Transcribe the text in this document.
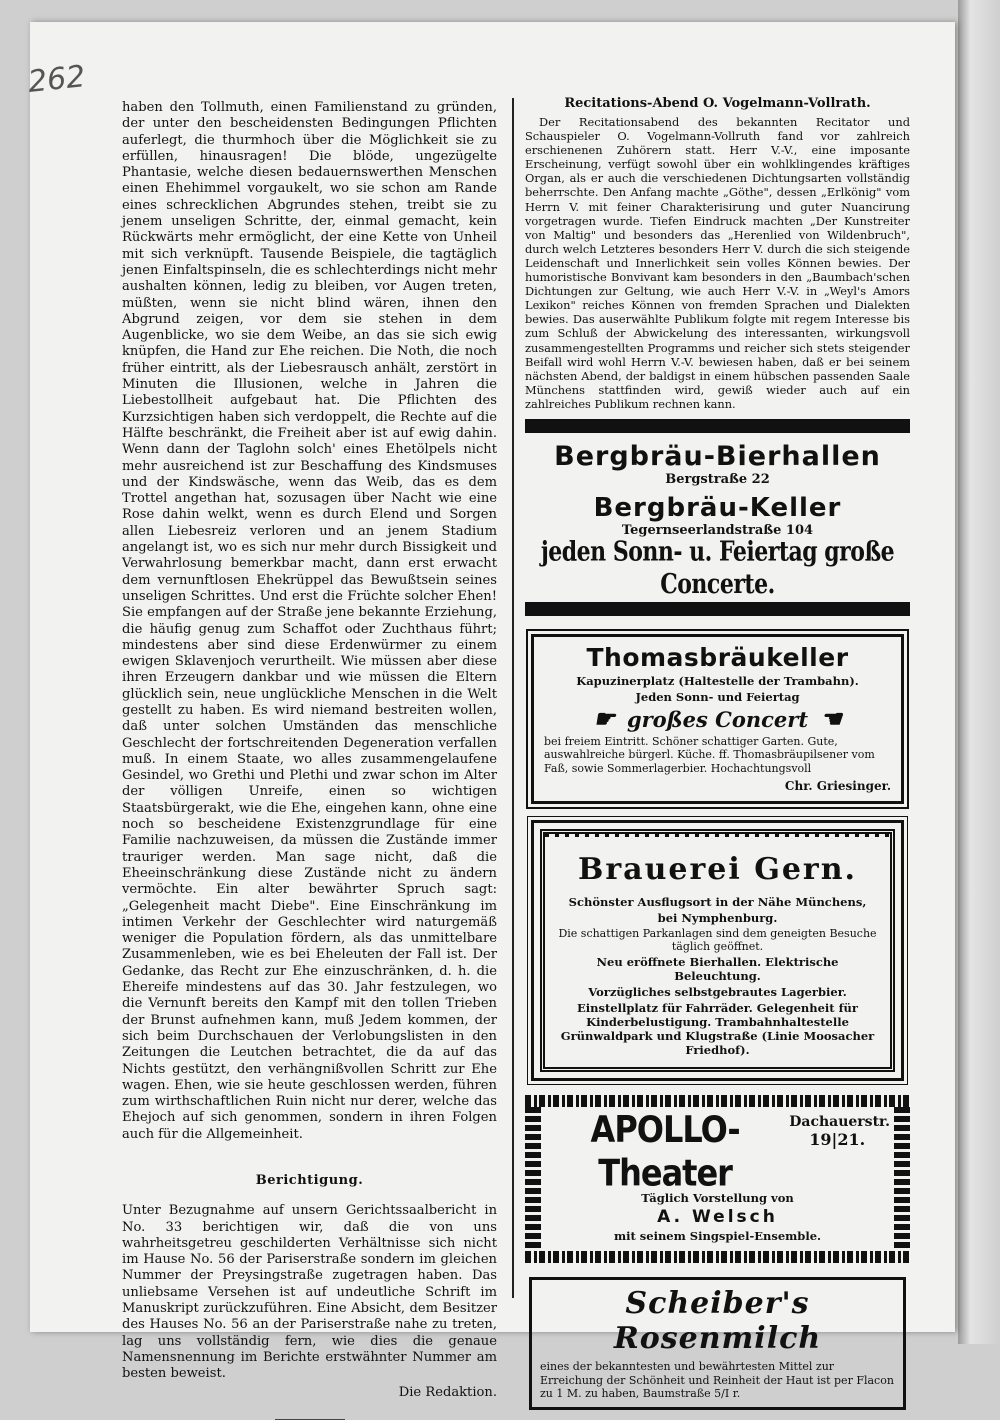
262

haben den Tollmuth, einen Familienstand zu gründen, der unter den bescheidensten Bedingungen Pflichten auferlegt, die thurmhoch über die Möglichkeit sie zu erfüllen, hinausragen! Die blöde, ungezügelte Phantasie, welche diesen bedauernswerthen Menschen einen Ehehimmel vorgaukelt, wo sie schon am Rande eines schrecklichen Abgrundes stehen, treibt sie zu jenem unseligen Schritte, der, einmal gemacht, kein Rückwärts mehr ermöglicht, der eine Kette von Unheil mit sich verknüpft. Tausende Beispiele, die tagtäglich jenen Einfaltspinseln, die es schlechterdings nicht mehr aushalten können, ledig zu bleiben, vor Augen treten, müßten, wenn sie nicht blind wären, ihnen den Abgrund zeigen, vor dem sie stehen in dem Augenblicke, wo sie dem Weibe, an das sie sich ewig knüpfen, die Hand zur Ehe reichen. Die Noth, die noch früher eintritt, als der Liebesrausch anhält, zerstört in Minuten die Illusionen, welche in Jahren die Liebestollheit aufgebaut hat. Die Pflichten des Kurzsichtigen haben sich verdoppelt, die Rechte auf die Hälfte beschränkt, die Freiheit aber ist auf ewig dahin. Wenn dann der Taglohn solch' eines Ehetölpels nicht mehr ausreichend ist zur Beschaffung des Kindsmuses und der Kindswäsche, wenn das Weib, das es dem Trottel angethan hat, sozusagen über Nacht wie eine Rose dahin welkt, wenn es durch Elend und Sorgen allen Liebesreiz verloren und an jenem Stadium angelangt ist, wo es sich nur mehr durch Bissigkeit und Verwahrlosung bemerkbar macht, dann erst erwacht dem vernunftlosen Ehekrüppel das Bewußtsein seines unseligen Schrittes. Und erst die Früchte solcher Ehen! Sie empfangen auf der Straße jene bekannte Erziehung, die häufig genug zum Schaffot oder Zuchthaus führt; mindestens aber sind diese Erdenwürmer zu einem ewigen Sklavenjoch verurtheilt. Wie müssen aber diese ihren Erzeugern dankbar und wie müssen die Eltern glücklich sein, neue unglückliche Menschen in die Welt gestellt zu haben. Es wird niemand bestreiten wollen, daß unter solchen Umständen das menschliche Geschlecht der fortschreitenden Degeneration verfallen muß. In einem Staate, wo alles zusammengelaufene Gesindel, wo Grethi und Plethi und zwar schon im Alter der völligen Unreife, einen so wichtigen Staatsbürgerakt, wie die Ehe, eingehen kann, ohne eine noch so bescheidene Existenzgrundlage für eine Familie nachzuweisen, da müssen die Zustände immer trauriger werden. Man sage nicht, daß die Eheeinschränkung diese Zustände nicht zu ändern vermöchte. Ein alter bewährter Spruch sagt: „Gelegenheit macht Diebe". Eine Einschränkung im intimen Verkehr der Geschlechter wird naturgemäß weniger die Population fördern, als das unmittelbare Zusammenleben, wie es bei Eheleuten der Fall ist. Der Gedanke, das Recht zur Ehe einzuschränken, d. h. die Ehereife mindestens auf das 30. Jahr festzulegen, wo die Vernunft bereits den Kampf mit den tollen Trieben der Brunst aufnehmen kann, muß Jedem kommen, der sich beim Durchschauen der Verlobungslisten in den Zeitungen die Leutchen betrachtet, die da auf das Nichts gestützt, den verhängnißvollen Schritt zur Ehe wagen. Ehen, wie sie heute geschlossen werden, führen zum wirthschaftlichen Ruin nicht nur derer, welche das Ehejoch auf sich genommen, sondern in ihren Folgen auch für die Allgemeinheit.

Berichtigung.

Unter Bezugnahme auf unsern Gerichtssaalbericht in No. 33 berichtigen wir, daß die von uns wahrheitsgetreu geschilderten Verhältnisse sich nicht im Hause No. 56 der Pariserstraße sondern im gleichen Nummer der Preysingstraße zugetragen haben. Das unliebsame Versehen ist auf undeutliche Schrift im Manuskript zurückzuführen. Eine Absicht, dem Besitzer des Hauses No. 56 an der Pariserstraße nahe zu treten, lag uns vollständig fern, wie dies die genaue Namensnennung im Berichte erstwähnter Nummer am besten beweist.

Die Redaktion.
Recitations-Abend O. Vogelmann-Vollrath.

Der Recitationsabend des bekannten Recitator und Schauspieler O. Vogelmann-Vollruth fand vor zahlreich erschienenen Zuhörern statt. Herr V.-V., eine imposante Erscheinung, verfügt sowohl über ein wohlklingendes kräftiges Organ, als er auch die verschiedenen Dichtungsarten vollständig beherrschte. Den Anfang machte „Göthe", dessen „Erlkönig" vom Herrn V. mit feiner Charakterisirung und guter Nuancirung vorgetragen wurde. Tiefen Eindruck machten „Der Kunstreiter von Maltig" und besonders das „Herenlied von Wildenbruch", durch welch Letzteres besonders Herr V. durch die sich steigende Leidenschaft und Innerlichkeit sein volles Können bewies. Der humoristische Bonvivant kam besonders in den „Baumbach'schen Dichtungen zur Geltung, wie auch Herr V.-V. in „Weyl's Amors Lexikon" reiches Können von fremden Sprachen und Dialekten bewies. Das auserwählte Publikum folgte mit regem Interesse bis zum Schluß der Abwickelung des interessanten, wirkungsvoll zusammengestellten Programms und reicher sich stets steigender Beifall wird wohl Herrn V.-V. bewiesen haben, daß er bei seinem nächsten Abend, der baldigst in einem hübschen passenden Saale Münchens stattfinden wird, gewiß wieder auch auf ein zahlreiches Publikum rechnen kann.

Bergbräu-Bierhallen

Bergstraße 22

Bergbräu-Keller

Tegernseerlandstraße 104

jeden Sonn- u. Feiertag große Concerte.
Thomasbräukeller
Kapuzinerplatz (Haltestelle der Trambahn).
Jeden Sonn- und Feiertag
☛ großes Concert ☚

bei freiem Eintritt. Schöner schattiger Garten. Gute, auswahlreiche bürgerl. Küche. ff. Thomasbräupilsener vom Faß, sowie Sommerlagerbier. Hochachtungsvoll

Chr. Griesinger.
Brauerei Gern.
Schönster Ausflugsort in der Nähe Münchens,
bei Nymphenburg.
Die schattigen Parkanlagen sind dem geneigten Besuche täglich geöffnet.
Neu eröffnete Bierhallen. Elektrische Beleuchtung.
Vorzügliches selbstgebrautes Lagerbier.
Einstellplatz für Fahrräder. Gelegenheit für Kinderbelustigung. Trambahnhaltestelle Grünwaldpark und Klugstraße (Linie Moosacher Friedhof).
APOLLO-Theater
Dachauerstr.
19|21.
Täglich Vorstellung von
A. Welsch
mit seinem Singspiel-Ensemble.
Scheiber's Rosenmilch

eines der bekanntesten und bewährtesten Mittel zur Erreichung der Schönheit und Reinheit der Haut ist per Flacon zu 1 M. zu haben, Baumstraße 5/I r.
